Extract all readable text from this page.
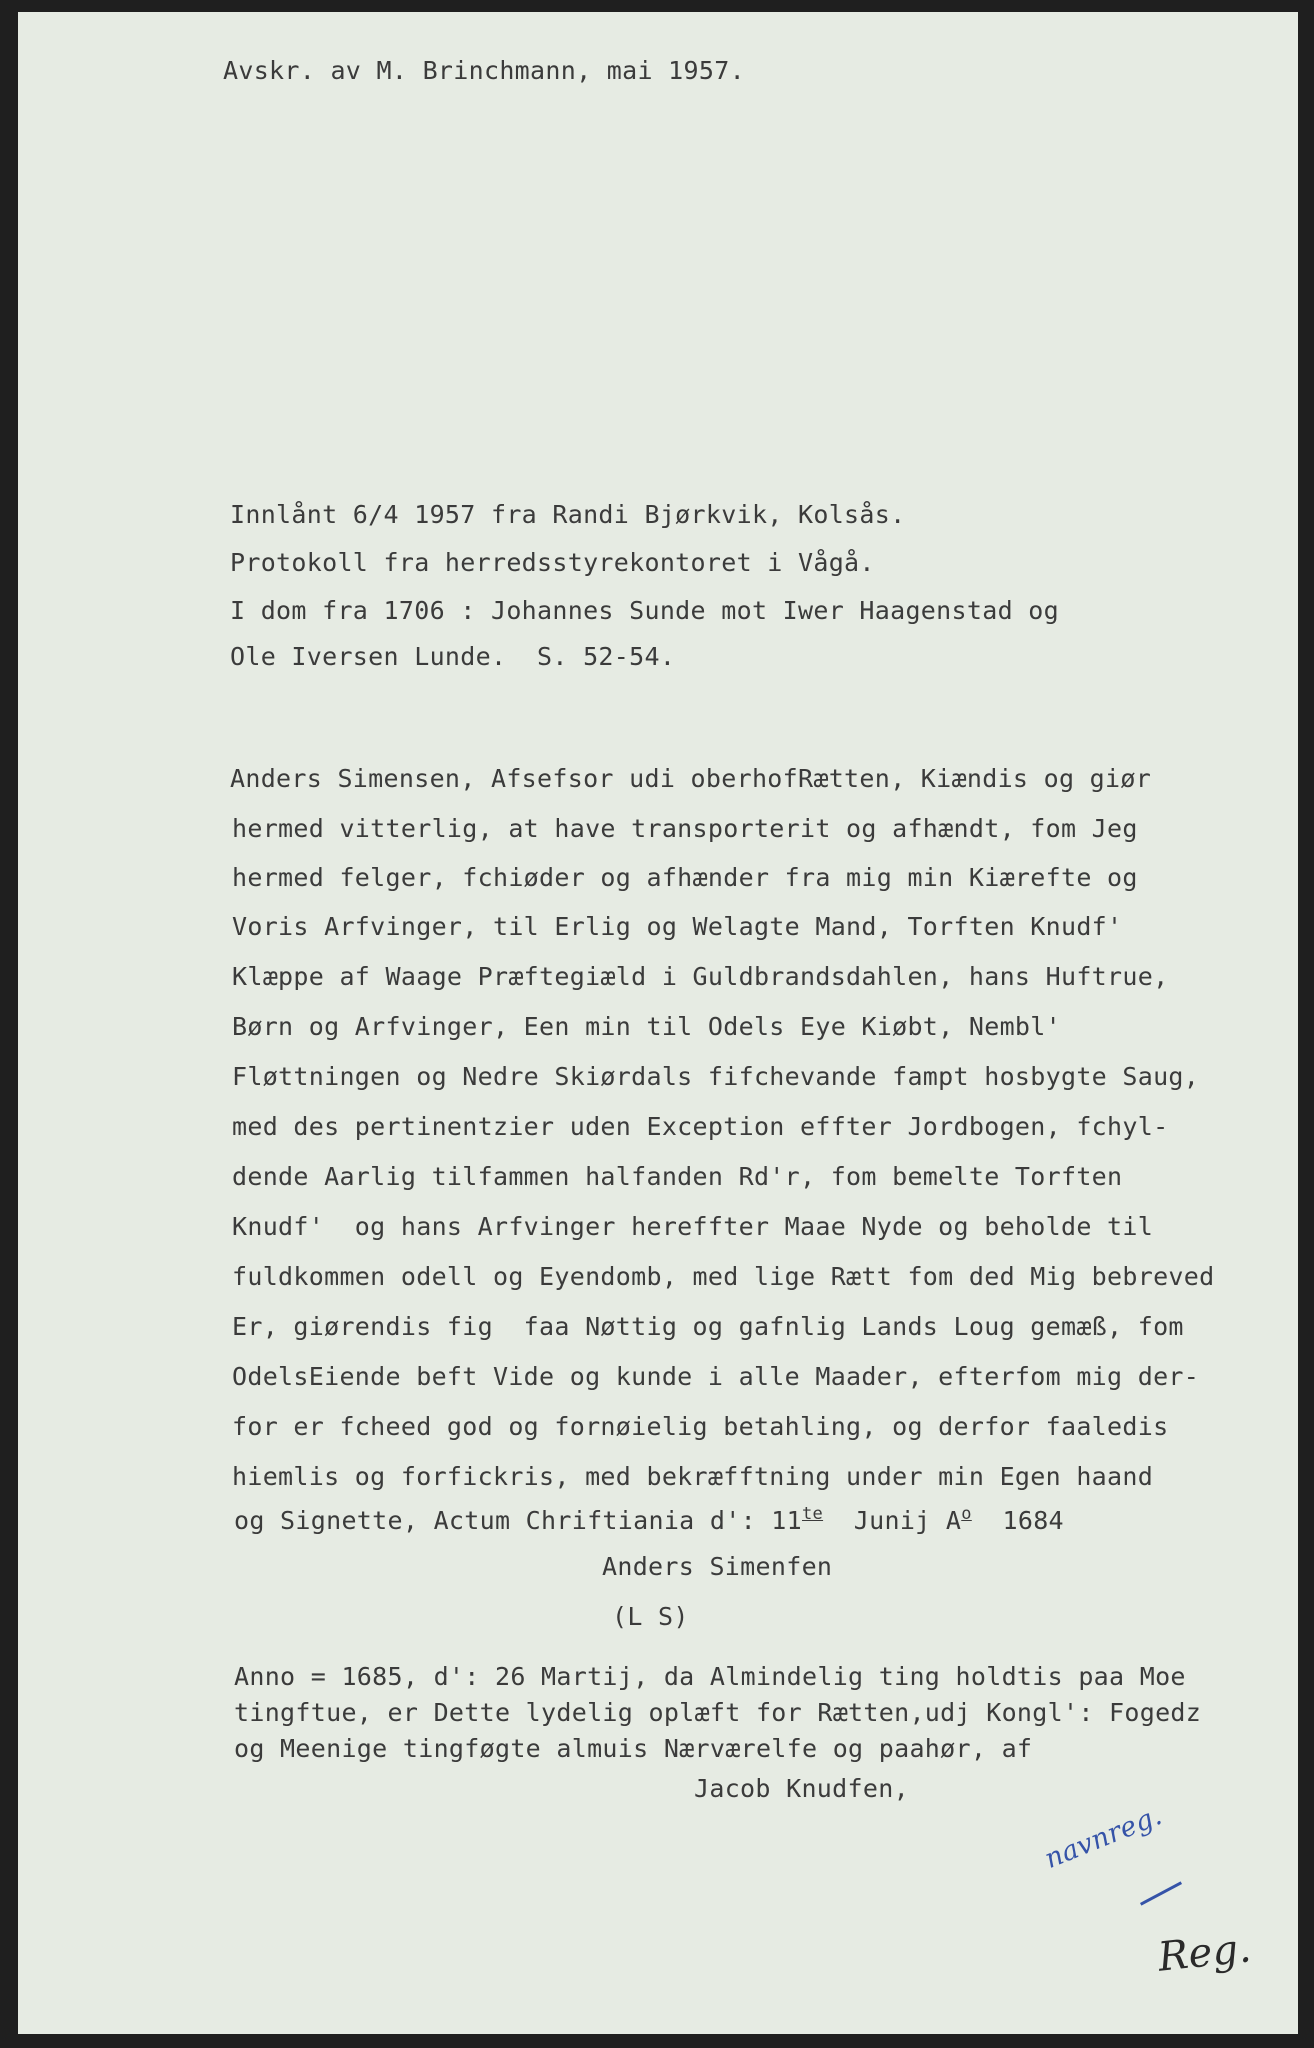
Avskr. av M. Brinchmann, mai 1957.
Innlånt 6/4 1957 fra Randi Bjørkvik, Kolsås.
Protokoll fra herredsstyrekontoret i Vågå.
I dom fra 1706 : Johannes Sunde mot Iwer Haagenstad og
Ole Iversen Lunde.  S. 52-54.
Anders Simensen, Afsefsor udi oberhofRætten, Kiændis og giør
hermed vitterlig, at have transporterit og afhændt, fom Jeg
hermed felger, fchiøder og afhænder fra mig min Kiærefte og
Voris Arfvinger, til Erlig og Welagte Mand, Torften Knudf'
Klæppe af Waage Præftegiæld i Guldbrandsdahlen, hans Huftrue,
Børn og Arfvinger, Een min til Odels Eye Kiøbt, Nembl'
Fløttningen og Nedre Skiørdals fifchevande fampt hosbygte Saug,
med des pertinentzier uden Exception effter Jordbogen, fchyl-
dende Aarlig tilfammen halfanden Rd'r, fom bemelte Torften
Knudf'  og hans Arfvinger hereffter Maae Nyde og beholde til
fuldkommen odell og Eyendomb, med lige Rætt fom ded Mig bebreved
Er, giørendis fig  faa Nøttig og gafnlig Lands Loug gemæß, fom
OdelsEiende beft Vide og kunde i alle Maader, efterfom mig der-
for er fcheed god og fornøielig betahling, og derfor faaledis
hiemlis og forfickris, med bekræfftning under min Egen haand
og Signette, Actum Chriftiania d': $11^{te}$  Junij $A^o$  1684
Anders Simenfen
(L S)
Anno = 1685, d': 26 Martij, da Almindelig ting holdtis paa Moe
tingftue, er Dette lydelig oplæft for Rætten,udj Kongl': Fogedz
og Meenige tingføgte almuis Nærværelfe og paahør, af
Jacob Knudfen,
navnreg.
Reg.
